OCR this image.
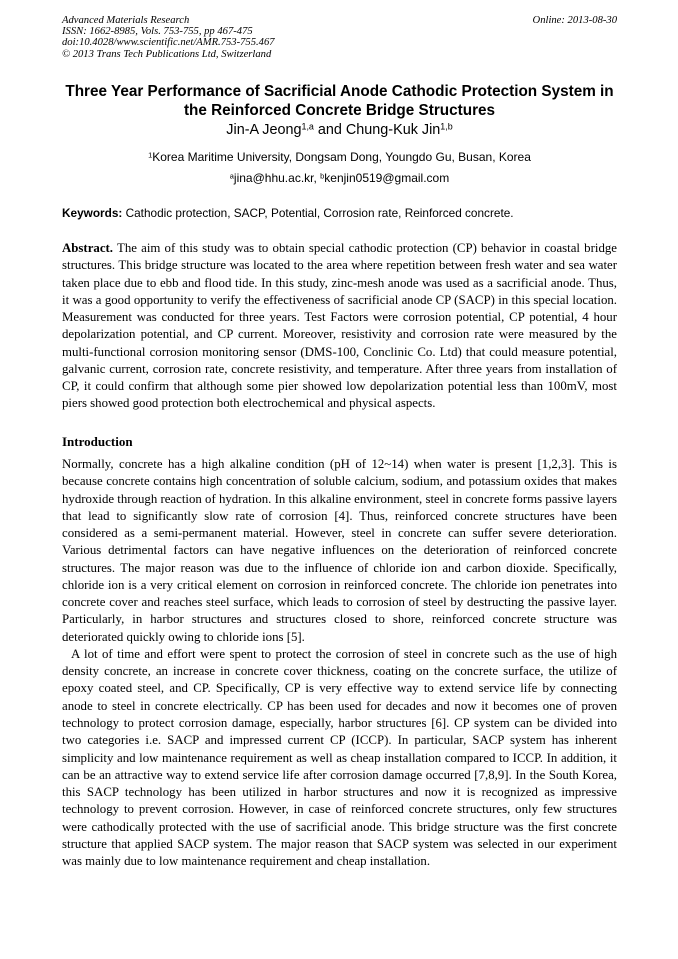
Advanced Materials Research
ISSN: 1662-8985, Vols. 753-755, pp 467-475
doi:10.4028/www.scientific.net/AMR.753-755.467
© 2013 Trans Tech Publications Ltd, Switzerland
Online: 2013-08-30
Three Year Performance of Sacrificial Anode Cathodic Protection System in the Reinforced Concrete Bridge Structures
Jin-A Jeong$^{1,a}$ and Chung-Kuk Jin$^{1,b}$
$^1$Korea Maritime University, Dongsam Dong, Youngdo Gu, Busan, Korea
$^a$jina@hhu.ac.kr, $^b$kenjin0519@gmail.com
Keywords: Cathodic protection, SACP, Potential, Corrosion rate, Reinforced concrete.
Abstract. The aim of this study was to obtain special cathodic protection (CP) behavior in coastal bridge structures. This bridge structure was located to the area where repetition between fresh water and sea water taken place due to ebb and flood tide. In this study, zinc-mesh anode was used as a sacrificial anode. Thus, it was a good opportunity to verify the effectiveness of sacrificial anode CP (SACP) in this special location. Measurement was conducted for three years. Test Factors were corrosion potential, CP potential, 4 hour depolarization potential, and CP current. Moreover, resistivity and corrosion rate were measured by the multi-functional corrosion monitoring sensor (DMS-100, Conclinic Co. Ltd) that could measure potential, galvanic current, corrosion rate, concrete resistivity, and temperature. After three years from installation of CP, it could confirm that although some pier showed low depolarization potential less than 100mV, most piers showed good protection both electrochemical and physical aspects.
Introduction

Normally, concrete has a high alkaline condition (pH of 12~14) when water is present [1,2,3]. This is because concrete contains high concentration of soluble calcium, sodium, and potassium oxides that makes hydroxide through reaction of hydration. In this alkaline environment, steel in concrete forms passive layers that lead to significantly slow rate of corrosion [4]. Thus, reinforced concrete structures have been considered as a semi-permanent material. However, steel in concrete can suffer severe deterioration. Various detrimental factors can have negative influences on the deterioration of reinforced concrete structures. The major reason was due to the influence of chloride ion and carbon dioxide. Specifically, chloride ion is a very critical element on corrosion in reinforced concrete. The chloride ion penetrates into concrete cover and reaches steel surface, which leads to corrosion of steel by destructing the passive layer. Particularly, in harbor structures and structures closed to shore, reinforced concrete structure was deteriorated quickly owing to chloride ions [5].

A lot of time and effort were spent to protect the corrosion of steel in concrete such as the use of high density concrete, an increase in concrete cover thickness, coating on the concrete surface, the utilize of epoxy coated steel, and CP. Specifically, CP is very effective way to extend service life by connecting anode to steel in concrete electrically. CP has been used for decades and now it becomes one of proven technology to protect corrosion damage, especially, harbor structures [6]. CP system can be divided into two categories i.e. SACP and impressed current CP (ICCP). In particular, SACP system has inherent simplicity and low maintenance requirement as well as cheap installation compared to ICCP. In addition, it can be an attractive way to extend service life after corrosion damage occurred [7,8,9]. In the South Korea, this SACP technology has been utilized in harbor structures and now it is recognized as impressive technology to prevent corrosion. However, in case of reinforced concrete structures, only few structures were cathodically protected with the use of sacrificial anode. This bridge structure was the first concrete structure that applied SACP system. The major reason that SACP system was selected in our experiment was mainly due to low maintenance requirement and cheap installation.
